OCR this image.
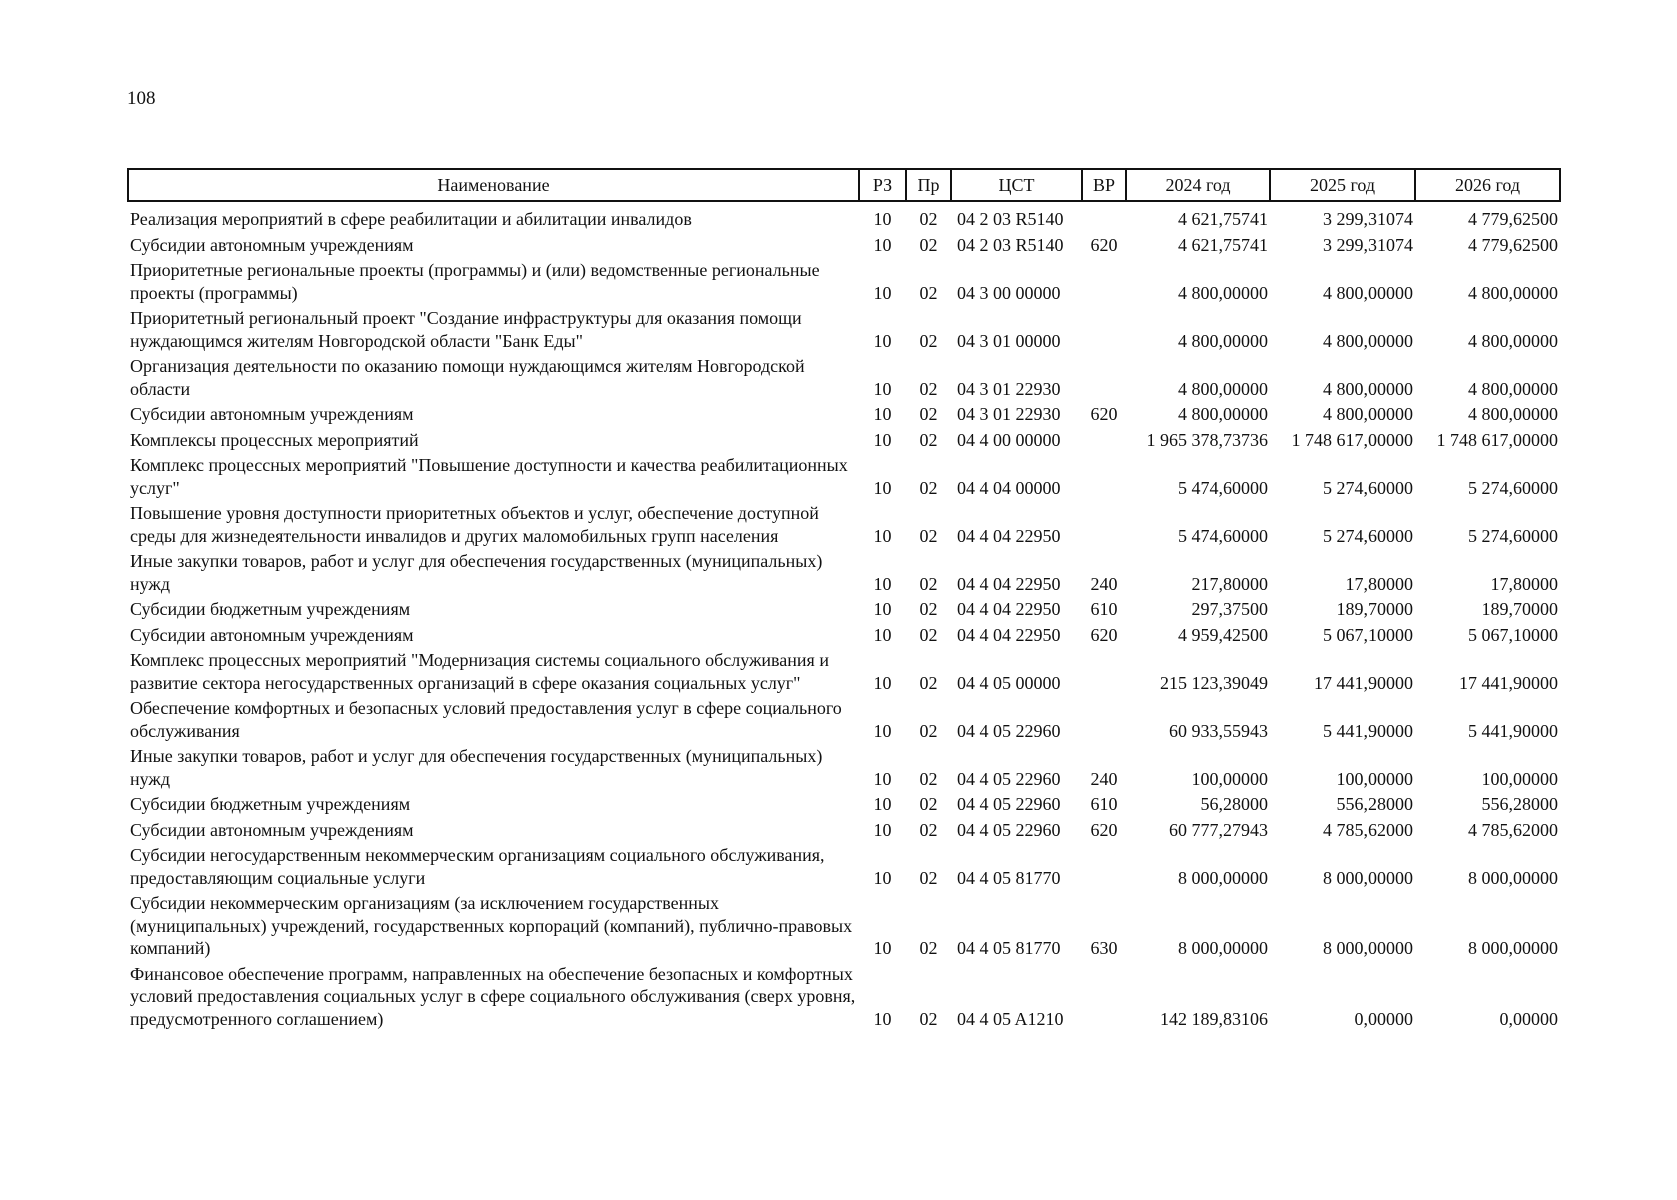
108
Наименование	РЗ	Пр	ЦСТ	ВР	2024 год	2025 год	2026 год
Реализация мероприятий в сфере реабилитации и абилитации инвалидов	10	02	04 2 03 R5140		4 621,75741	3 299,31074	4 779,62500
Субсидии автономным учреждениям	10	02	04 2 03 R5140	620	4 621,75741	3 299,31074	4 779,62500
Приоритетные региональные проекты (программы) и (или) ведомственные региональные проекты (программы)	10	02	04 3 00 00000		4 800,00000	4 800,00000	4 800,00000
Приоритетный региональный проект "Создание инфраструктуры для оказания помощи нуждающимся жителям Новгородской области "Банк Еды"	10	02	04 3 01 00000		4 800,00000	4 800,00000	4 800,00000
Организация деятельности по оказанию помощи нуждающимся жителям Новгородской области	10	02	04 3 01 22930		4 800,00000	4 800,00000	4 800,00000
Субсидии автономным учреждениям	10	02	04 3 01 22930	620	4 800,00000	4 800,00000	4 800,00000
Комплексы процессных мероприятий	10	02	04 4 00 00000		1 965 378,73736	1 748 617,00000	1 748 617,00000
Комплекс процессных мероприятий "Повышение доступности и качества реабилитационных услуг"	10	02	04 4 04 00000		5 474,60000	5 274,60000	5 274,60000
Повышение уровня доступности приоритетных объектов и услуг, обеспечение доступной среды для жизнедеятельности инвалидов и других маломобильных групп населения	10	02	04 4 04 22950		5 474,60000	5 274,60000	5 274,60000
Иные закупки товаров, работ и услуг для обеспечения государственных (муниципальных) нужд	10	02	04 4 04 22950	240	217,80000	17,80000	17,80000
Субсидии бюджетным учреждениям	10	02	04 4 04 22950	610	297,37500	189,70000	189,70000
Субсидии автономным учреждениям	10	02	04 4 04 22950	620	4 959,42500	5 067,10000	5 067,10000
Комплекс процессных мероприятий "Модернизация системы социального обслуживания и развитие сектора негосударственных организаций в сфере оказания социальных услуг"	10	02	04 4 05 00000		215 123,39049	17 441,90000	17 441,90000
Обеспечение комфортных и безопасных условий предоставления услуг в сфере социального обслуживания	10	02	04 4 05 22960		60 933,55943	5 441,90000	5 441,90000
Иные закупки товаров, работ и услуг для обеспечения государственных (муниципальных) нужд	10	02	04 4 05 22960	240	100,00000	100,00000	100,00000
Субсидии бюджетным учреждениям	10	02	04 4 05 22960	610	56,28000	556,28000	556,28000
Субсидии автономным учреждениям	10	02	04 4 05 22960	620	60 777,27943	4 785,62000	4 785,62000
Субсидии негосударственным некоммерческим организациям социального обслуживания, предоставляющим социальные услуги	10	02	04 4 05 81770		8 000,00000	8 000,00000	8 000,00000
Субсидии некоммерческим организациям (за исключением государственных (муниципальных) учреждений, государственных корпораций (компаний), публично-правовых компаний)	10	02	04 4 05 81770	630	8 000,00000	8 000,00000	8 000,00000
Финансовое обеспечение программ, направленных на обеспечение безопасных и комфортных условий предоставления социальных услуг в сфере социального обслуживания (сверх уровня, предусмотренного соглашением)	10	02	04 4 05 A1210		142 189,83106	0,00000	0,00000
